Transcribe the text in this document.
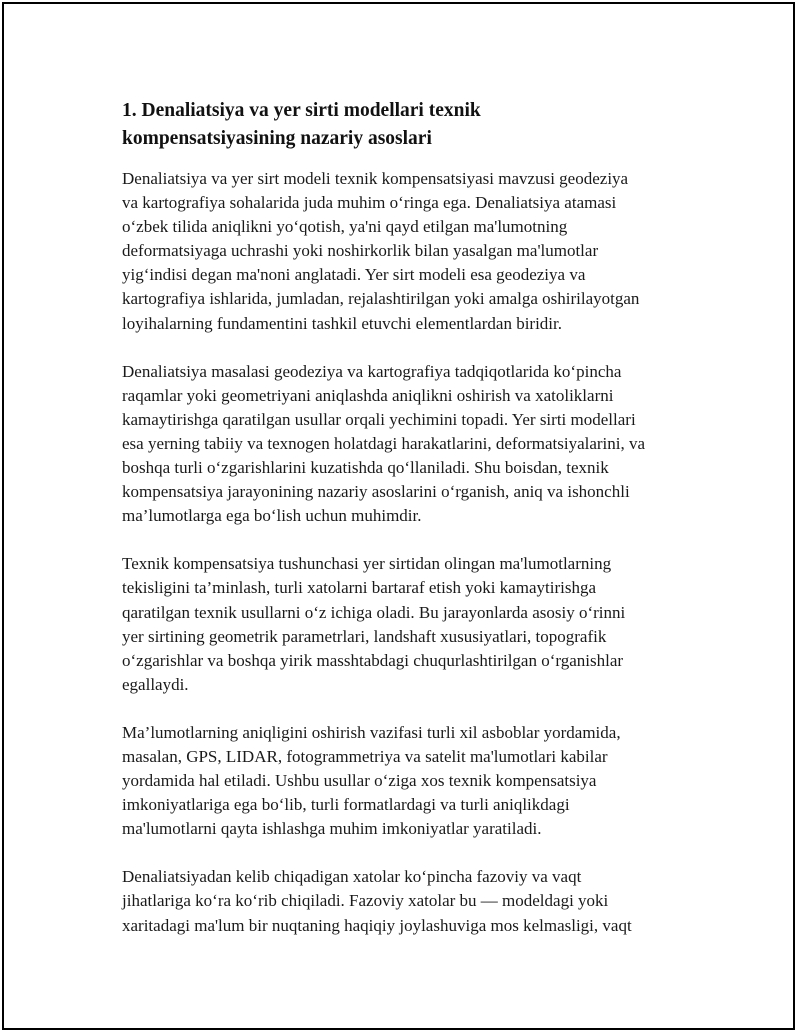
1. Denaliatsiya va yer sirti modellari texnik
kompensatsiyasining nazariy asoslari

Denaliatsiya va yer sirt modeli texnik kompensatsiyasi mavzusi geodeziya
va kartografiya sohalarida juda muhim o‘ringa ega. Denaliatsiya atamasi
o‘zbek tilida aniqlikni yo‘qotish, ya'ni qayd etilgan ma'lumotning
deformatsiyaga uchrashi yoki noshirkorlik bilan yasalgan ma'lumotlar
yig‘indisi degan ma'noni anglatadi. Yer sirt modeli esa geodeziya va
kartografiya ishlarida, jumladan, rejalashtirilgan yoki amalga oshirilayotgan
loyihalarning fundamentini tashkil etuvchi elementlardan biridir.

Denaliatsiya masalasi geodeziya va kartografiya tadqiqotlarida ko‘pincha
raqamlar yoki geometriyani aniqlashda aniqlikni oshirish va xatoliklarni
kamaytirishga qaratilgan usullar orqali yechimini topadi. Yer sirti modellari
esa yerning tabiiy va texnogen holatdagi harakatlarini, deformatsiyalarini, va
boshqa turli o‘zgarishlarini kuzatishda qo‘llaniladi. Shu boisdan, texnik
kompensatsiya jarayonining nazariy asoslarini o‘rganish, aniq va ishonchli
ma’lumotlarga ega bo‘lish uchun muhimdir.

Texnik kompensatsiya tushunchasi yer sirtidan olingan ma'lumotlarning
tekisligini ta’minlash, turli xatolarni bartaraf etish yoki kamaytirishga
qaratilgan texnik usullarni o‘z ichiga oladi. Bu jarayonlarda asosiy o‘rinni
yer sirtining geometrik parametrlari, landshaft xususiyatlari, topografik
o‘zgarishlar va boshqa yirik masshtabdagi chuqurlashtirilgan o‘rganishlar
egallaydi.

Ma’lumotlarning aniqligini oshirish vazifasi turli xil asboblar yordamida,
masalan, GPS, LIDAR, fotogrammetriya va satelit ma'lumotlari kabilar
yordamida hal etiladi. Ushbu usullar o‘ziga xos texnik kompensatsiya
imkoniyatlariga ega bo‘lib, turli formatlardagi va turli aniqlikdagi
ma'lumotlarni qayta ishlashga muhim imkoniyatlar yaratiladi.

Denaliatsiyadan kelib chiqadigan xatolar ko‘pincha fazoviy va vaqt
jihatlariga ko‘ra ko‘rib chiqiladi. Fazoviy xatolar bu — modeldagi yoki
xaritadagi ma'lum bir nuqtaning haqiqiy joylashuviga mos kelmasligi, vaqt
